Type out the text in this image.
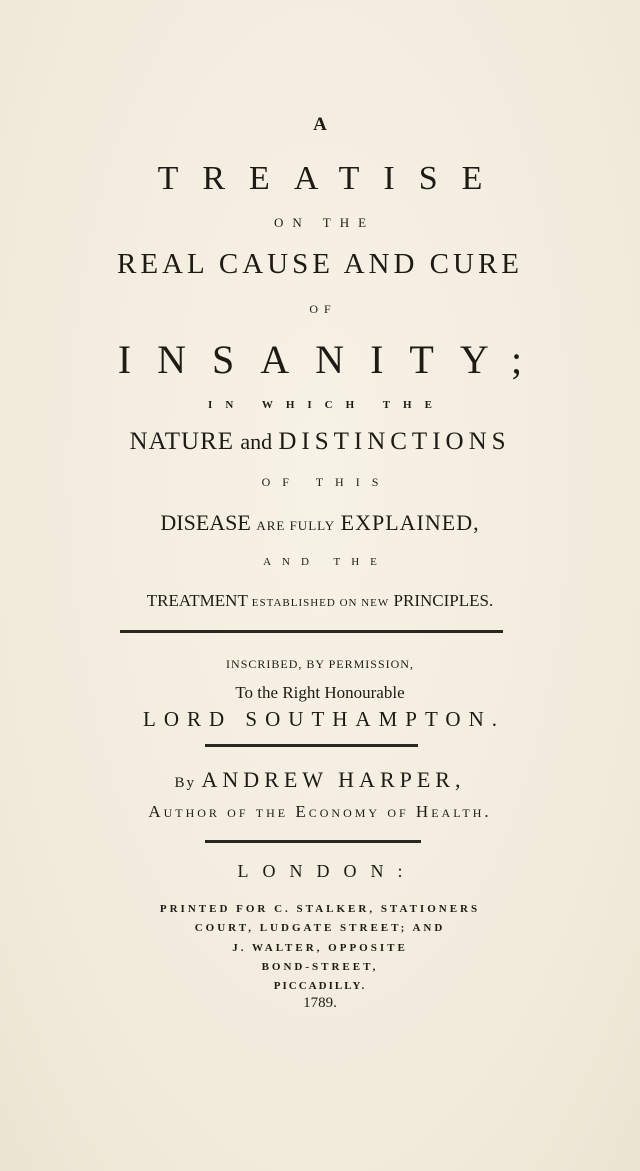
A
TREATISE
ON THE
REAL CAUSE AND CURE
OF
INSANITY;
IN WHICH THE
NATURE and DISTINCTIONS
OF THIS
DISEASE ARE FULLY EXPLAINED,
AND THE
TREATMENT ESTABLISHED ON NEW PRINCIPLES.
INSCRIBED, BY PERMISSION,
To the Right Honourable
LORD SOUTHAMPTON.
By ANDREW HARPER,
Author of the Economy of Health.
LONDON:
PRINTED FOR C. STALKER, STATIONERS
COURT, LUDGATE STREET; AND
J. WALTER, OPPOSITE
BOND-STREET,
PICCADILLY.
1789.
